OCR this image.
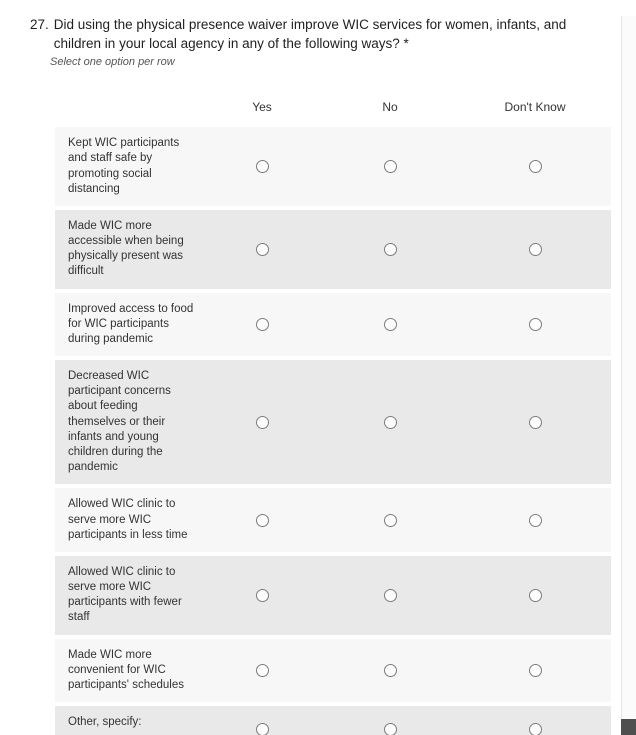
27. Did using the physical presence waiver improve WIC services for women, infants, and children in your local agency in any of the following ways? *
Select one option per row
Yes	No	Don't Know
Kept WIC participants and staff safe by promoting social distancing
Made WIC more accessible when being physically present was difficult
Improved access to food for WIC participants during pandemic
Decreased WIC participant concerns about feeding themselves or their infants and young children during the pandemic
Allowed WIC clinic to serve more WIC participants in less time
Allowed WIC clinic to serve more WIC participants with fewer staff
Made WIC more convenient for WIC participants' schedules
Other, specify:
